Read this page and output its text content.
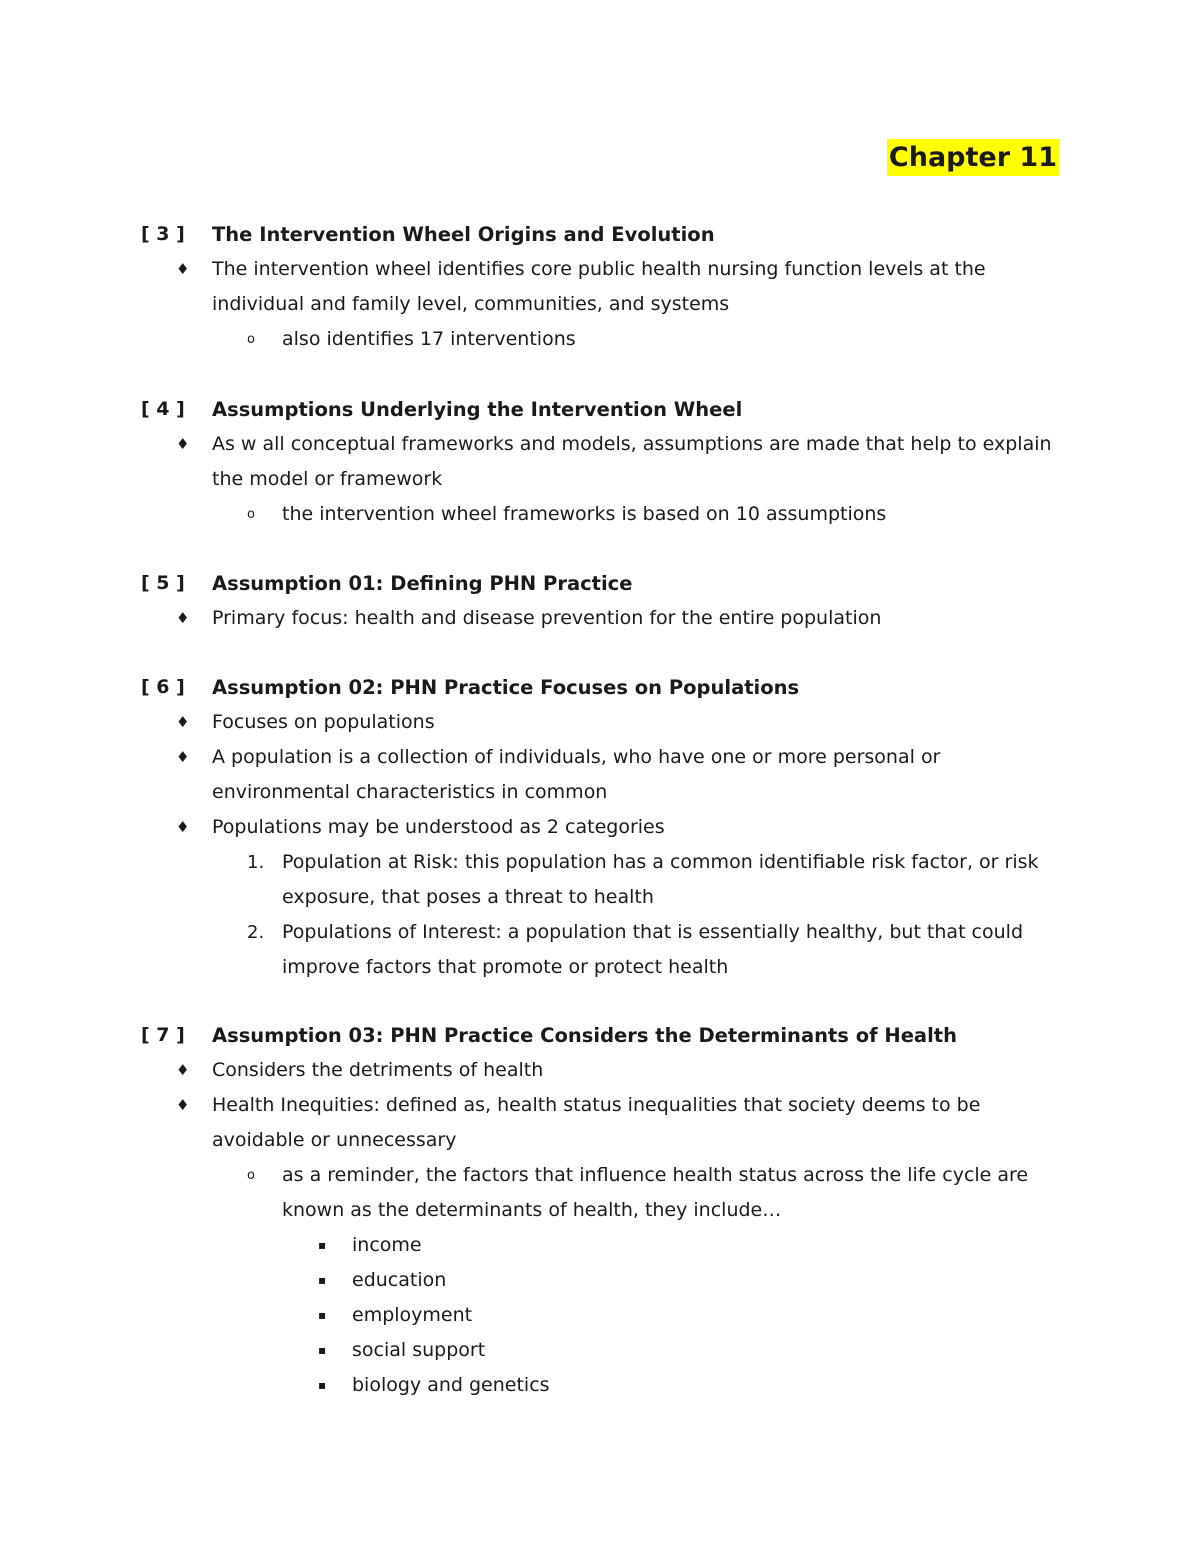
Chapter 11
[ 3 ] The Intervention Wheel Origins and Evolution
♦ The intervention wheel identifies core public health nursing function levels at the individual and family level, communities, and systems
o also identifies 17 interventions
[ 4 ] Assumptions Underlying the Intervention Wheel
♦ As w all conceptual frameworks and models, assumptions are made that help to explain the model or framework
o the intervention wheel frameworks is based on 10 assumptions
[ 5 ] Assumption 01: Defining PHN Practice
♦ Primary focus: health and disease prevention for the entire population
[ 6 ] Assumption 02: PHN Practice Focuses on Populations
♦ Focuses on populations
♦ A population is a collection of individuals, who have one or more personal or environmental characteristics in common
♦ Populations may be understood as 2 categories
1. Population at Risk: this population has a common identifiable risk factor, or risk exposure, that poses a threat to health
2. Populations of Interest: a population that is essentially healthy, but that could improve factors that promote or protect health
[ 7 ] Assumption 03: PHN Practice Considers the Determinants of Health
♦ Considers the detriments of health
♦ Health Inequities: defined as, health status inequalities that society deems to be avoidable or unnecessary
o as a reminder, the factors that influence health status across the life cycle are known as the determinants of health, they include…
▪ income
▪ education
▪ employment
▪ social support
▪ biology and genetics
